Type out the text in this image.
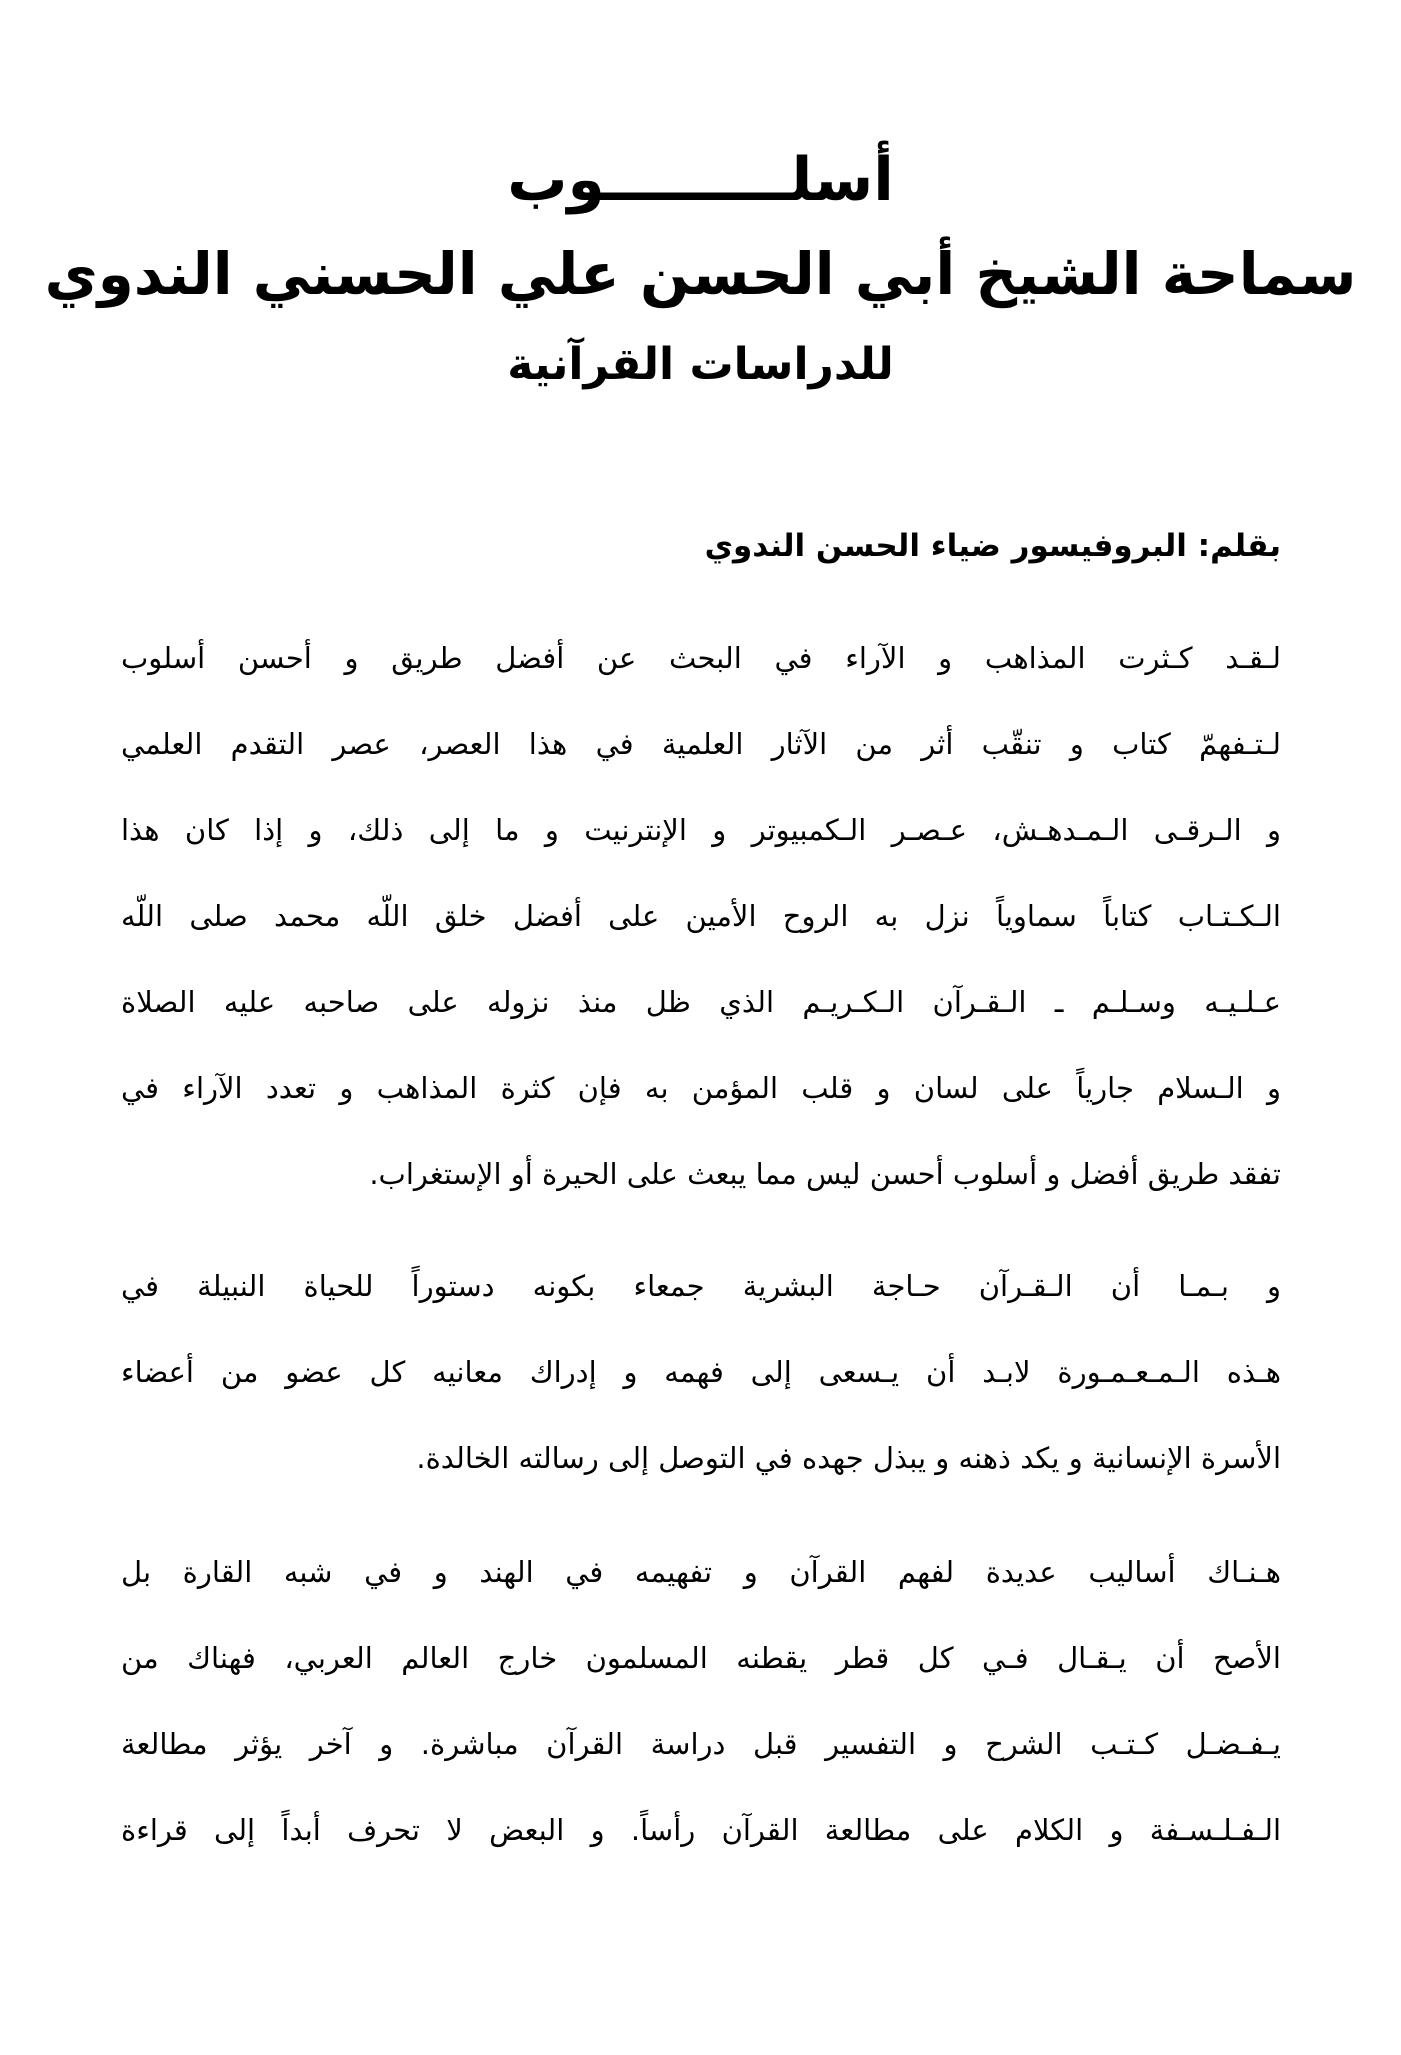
أسلـــــــــوب
سماحة الشيخ أبي الحسن علي الحسني الندوي
للدراسات القرآنية
بقلم: البروفيسور ضياء الحسن الندوي
لـقـد كـثرت المذاهب و الآراء في البحث عن أفضل طريق و أحسن أسلوب
لـتـفهمّ كتاب و تنقّب أثر من الآثار العلمية في هذا العصر، عصر التقدم العلمي
و الـرقـى الـمـدهـش، عـصـر الـكمبيوتر و الإنترنيت و ما إلى ذلك، و إذا كان هذا
الـكـتـاب كتاباً سماوياً نزل به الروح الأمين على أفضل خلق اللّه محمد صلى اللّه
عـلـيـه وسـلـم ـ الـقـرآن الـكـريـم الذي ظل منذ نزوله على صاحبه عليه الصلاة
و الـسلام جارياً على لسان و قلب المؤمن به فإن كثرة المذاهب و تعدد الآراء في
تفقد طريق أفضل و أسلوب أحسن ليس مما يبعث على الحيرة أو الإستغراب.
و بـمـا أن الـقـرآن حـاجة البشرية جمعاء بكونه دستوراً للحياة النبيلة في
هـذه الـمـعـمـورة لابـد أن يـسعى إلى فهمه و إدراك معانيه كل عضو من أعضاء
الأسرة الإنسانية و يكد ذهنه و يبذل جهده في التوصل إلى رسالته الخالدة.
هـنـاك أساليب عديدة لفهم القرآن و تفهيمه في الهند و في شبه القارة بل
الأصح أن يـقـال فـي كل قطر يقطنه المسلمون خارج العالم العربي، فهناك من
يـفـضـل كـتـب الشرح و التفسير قبل دراسة القرآن مباشرة. و آخر يؤثر مطالعة
الـفـلـسـفة و الكلام على مطالعة القرآن رأساً. و البعض لا تحرف أبداً إلى قراءة
